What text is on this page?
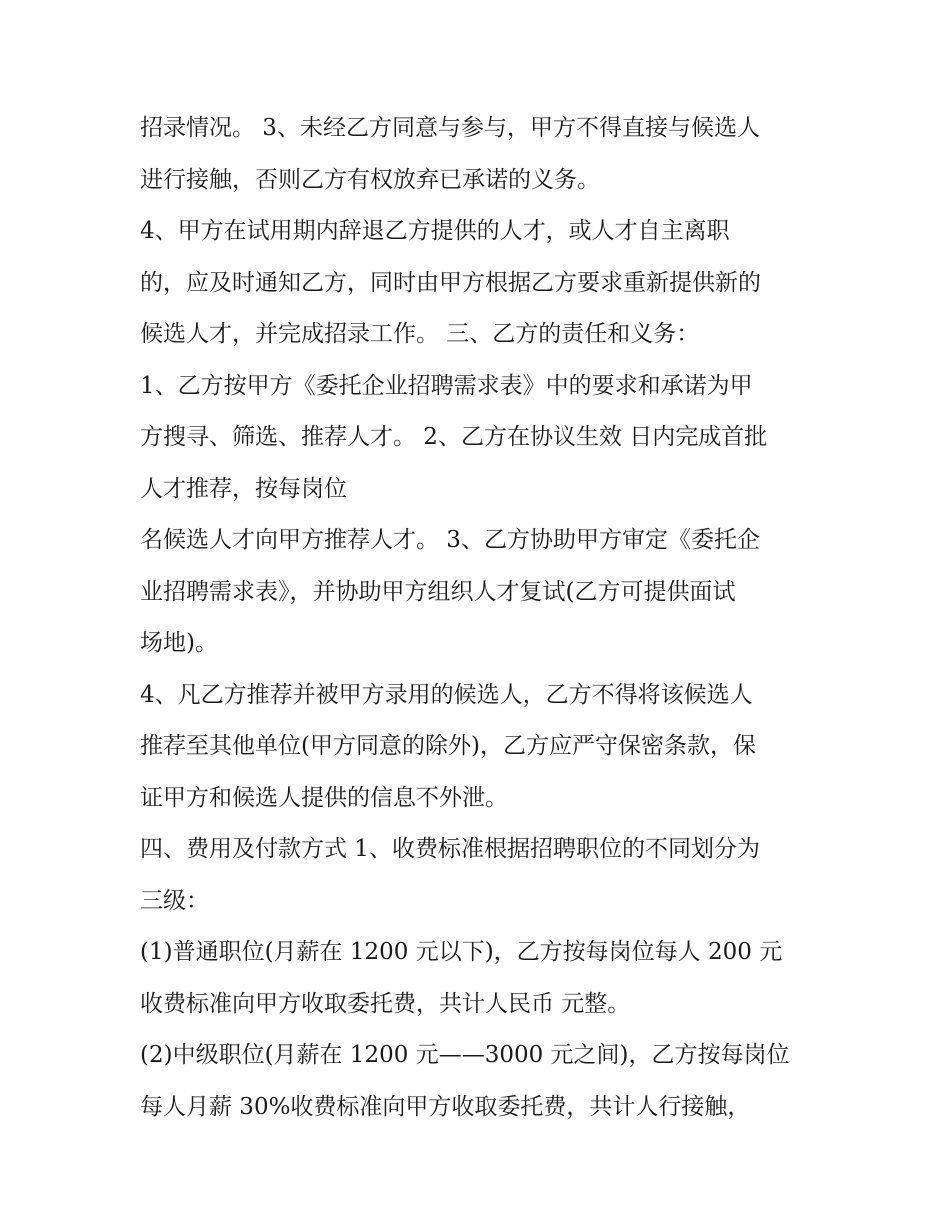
招录情况。 3、未经乙方同意与参与，甲方不得直接与候选人
进行接触，否则乙方有权放弃已承诺的义务。
4、甲方在试用期内辞退乙方提供的人才，或人才自主离职
的，应及时通知乙方，同时由甲方根据乙方要求重新提供新的
候选人才，并完成招录工作。 三、乙方的责任和义务：
1、乙方按甲方《委托企业招聘需求表》中的要求和承诺为甲
方搜寻、筛选、推荐人才。 2、乙方在协议生效 日内完成首批
人才推荐，按每岗位
名候选人才向甲方推荐人才。 3、乙方协助甲方审定《委托企
业招聘需求表》，并协助甲方组织人才复试(乙方可提供面试
场地)。
4、凡乙方推荐并被甲方录用的候选人，乙方不得将该候选人
推荐至其他单位(甲方同意的除外)，乙方应严守保密条款，保
证甲方和候选人提供的信息不外泄。
四、费用及付款方式 1、收费标准根据招聘职位的不同划分为
三级：
(1)普通职位(月薪在 1200 元以下)，乙方按每岗位每人 200 元
收费标准向甲方收取委托费，共计人民币 元整。
(2)中级职位(月薪在 1200 元——3000 元之间)，乙方按每岗位
每人月薪 30%收费标准向甲方收取委托费，共计人行接触，
